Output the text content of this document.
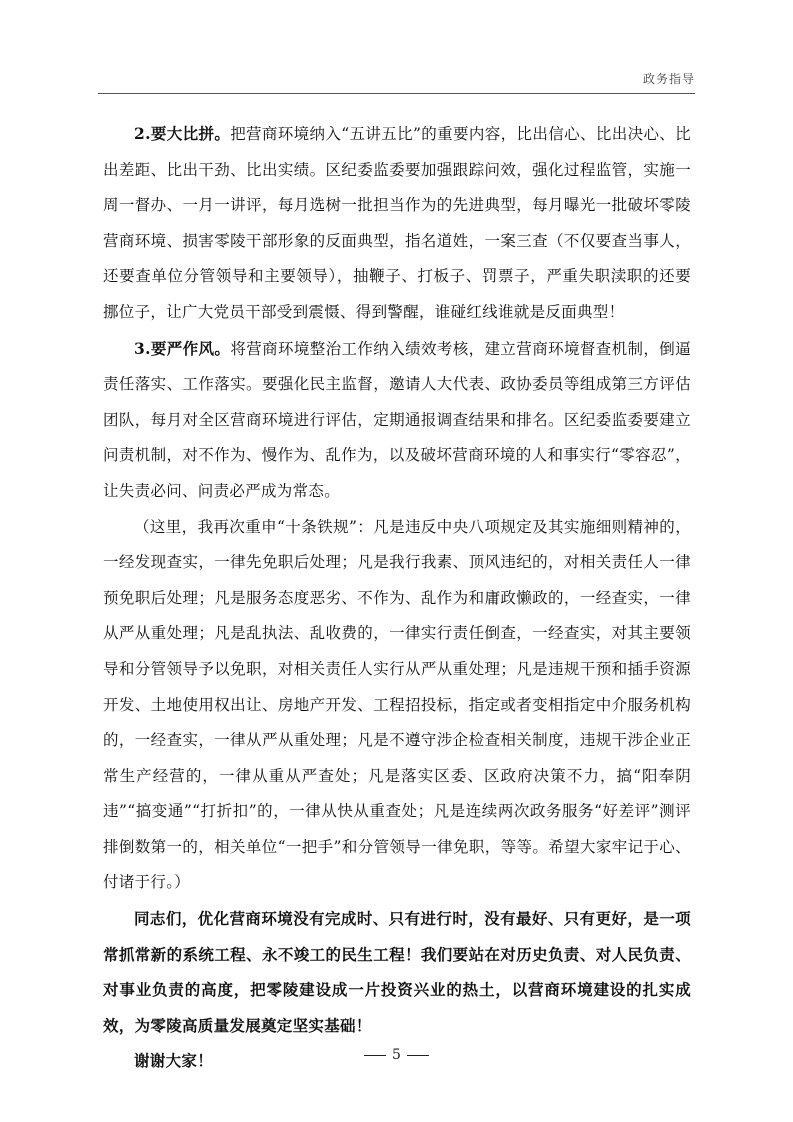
政务指导

2.要大比拼。把营商环境纳入“五讲五比”的重要内容，比出信心、比出决心、比出差距、比出干劲、比出实绩。区纪委监委要加强跟踪问效，强化过程监管，实施一周一督办、一月一讲评，每月选树一批担当作为的先进典型，每月曝光一批破坏零陵营商环境、损害零陵干部形象的反面典型，指名道姓，一案三查（不仅要查当事人，还要查单位分管领导和主要领导），抽鞭子、打板子、罚票子，严重失职渎职的还要挪位子，让广大党员干部受到震慑、得到警醒，谁碰红线谁就是反面典型！

3.要严作风。将营商环境整治工作纳入绩效考核，建立营商环境督查机制，倒逼责任落实、工作落实。要强化民主监督，邀请人大代表、政协委员等组成第三方评估团队，每月对全区营商环境进行评估，定期通报调查结果和排名。区纪委监委要建立问责机制，对不作为、慢作为、乱作为，以及破坏营商环境的人和事实行“零容忍”，让失责必问、问责必严成为常态。

（这里，我再次重申“十条铁规”：凡是违反中央八项规定及其实施细则精神的，一经发现查实，一律先免职后处理；凡是我行我素、顶风违纪的，对相关责任人一律预免职后处理；凡是服务态度恶劣、不作为、乱作为和庸政懒政的，一经查实，一律从严从重处理；凡是乱执法、乱收费的，一律实行责任倒查，一经查实，对其主要领导和分管领导予以免职，对相关责任人实行从严从重处理；凡是违规干预和插手资源开发、土地使用权出让、房地产开发、工程招投标，指定或者变相指定中介服务机构的，一经查实，一律从严从重处理；凡是不遵守涉企检查相关制度，违规干涉企业正常生产经营的，一律从重从严查处；凡是落实区委、区政府决策不力，搞“阳奉阴违”“搞变通”“打折扣”的，一律从快从重查处；凡是连续两次政务服务“好差评”测评排倒数第一的，相关单位“一把手”和分管领导一律免职，等等。希望大家牢记于心、付诸于行。）

同志们，优化营商环境没有完成时、只有进行时，没有最好、只有更好，是一项常抓常新的系统工程、永不竣工的民生工程！我们要站在对历史负责、对人民负责、对事业负责的高度，把零陵建设成一片投资兴业的热土，以营商环境建设的扎实成效，为零陵高质量发展奠定坚实基础！

谢谢大家！	5
